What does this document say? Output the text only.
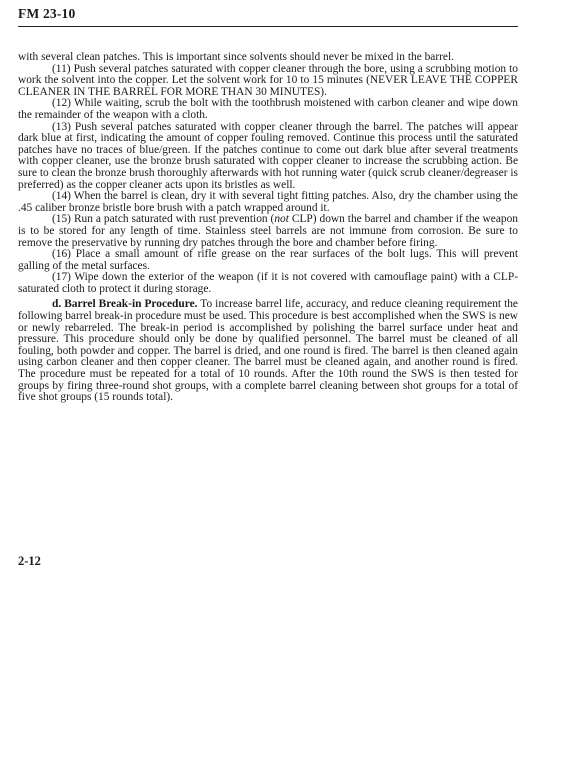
FM 23-10

with several clean patches. This is important since solvents should never be mixed in the barrel.

(11) Push several patches saturated with copper cleaner through the bore, using a scrubbing motion to work the solvent into the copper. Let the solvent work for 10 to 15 minutes (NEVER LEAVE THE COPPER CLEANER IN THE BARREL FOR MORE THAN 30 MINUTES).

(12) While waiting, scrub the bolt with the toothbrush moistened with carbon cleaner and wipe down the remainder of the weapon with a cloth.

(13) Push several patches saturated with copper cleaner through the barrel. The patches will appear dark blue at first, indicating the amount of copper fouling removed. Continue this process until the saturated patches have no traces of blue/green. If the patches continue to come out dark blue after several treatments with copper cleaner, use the bronze brush saturated with copper cleaner to increase the scrubbing action. Be sure to clean the bronze brush thoroughly afterwards with hot running water (quick scrub cleaner/degreaser is preferred) as the copper cleaner acts upon its bristles as well.

(14) When the barrel is clean, dry it with several tight fitting patches. Also, dry the chamber using the .45 caliber bronze bristle bore brush with a patch wrapped around it.

(15) Run a patch saturated with rust prevention (not CLP) down the barrel and chamber if the weapon is to be stored for any length of time. Stainless steel barrels are not immune from corrosion. Be sure to remove the preservative by running dry patches through the bore and chamber before firing.

(16) Place a small amount of rifle grease on the rear surfaces of the bolt lugs. This will prevent galling of the metal surfaces.

(17) Wipe down the exterior of the weapon (if it is not covered with camouflage paint) with a CLP-saturated cloth to protect it during storage.

d. Barrel Break-in Procedure. To increase barrel life, accuracy, and reduce cleaning requirement the following barrel break-in procedure must be used. This procedure is best accomplished when the SWS is new or newly rebarreled. The break-in period is accomplished by polishing the barrel surface under heat and pressure. This procedure should only be done by qualified personnel. The barrel must be cleaned of all fouling, both powder and copper. The barrel is dried, and one round is fired. The barrel is then cleaned again using carbon cleaner and then copper cleaner. The barrel must be cleaned again, and another round is fired. The procedure must be repeated for a total of 10 rounds. After the 10th round the SWS is then tested for groups by firing three-round shot groups, with a complete barrel cleaning between shot groups for a total of five shot groups (15 rounds total).

2-12
